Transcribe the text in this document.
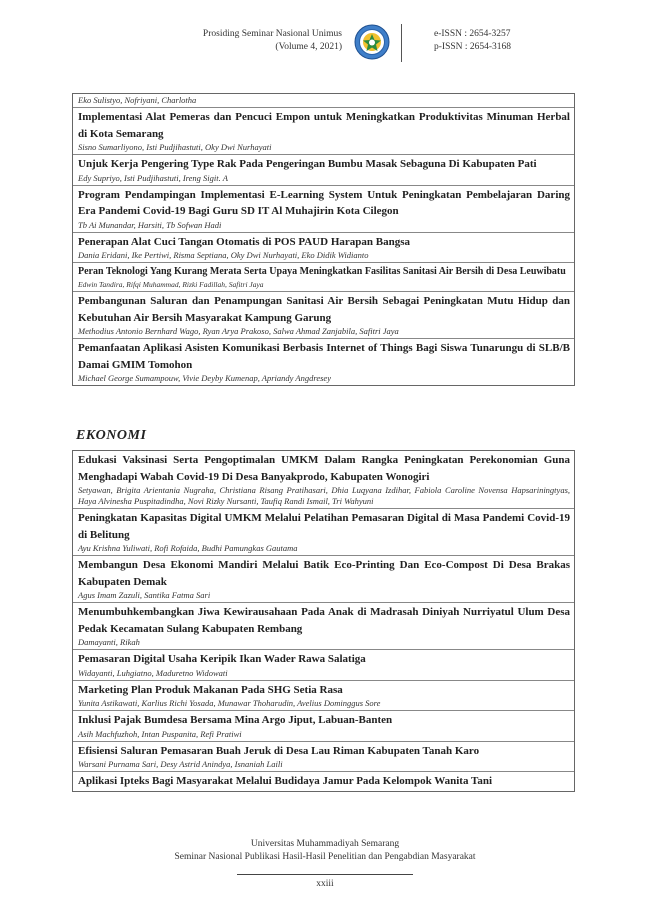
Prosiding Seminar Nasional Unimus
(Volume 4, 2021)
e-ISSN : 2654-3257
p-ISSN : 2654-3168
Eko Sulistyo, Nofriyani, Charlotha
Implementasi Alat Pemeras dan Pencuci Empon untuk Meningkatkan Produktivitas Minuman Herbal di Kota Semarang
Sisno Sumarliyono, Isti Pudjihastuti, Oky Dwi Nurhayati
Unjuk Kerja Pengering Type Rak Pada Pengeringan Bumbu Masak Sebaguna Di Kabupaten Pati
Edy Supriyo, Isti Pudjihastuti, Ireng Sigit. A
Program Pendampingan Implementasi E-Learning System Untuk Peningkatan Pembelajaran Daring Era Pandemi Covid-19 Bagi Guru SD IT Al Muhajirin Kota Cilegon
Tb Ai Munandar, Harsiti, Tb Sofwan Hadi
Penerapan Alat Cuci Tangan Otomatis di POS PAUD Harapan Bangsa
Dania Eridani, Ike Pertiwi, Risma Septiana, Oky Dwi Nurhayati, Eko Didik Widianto
Peran Teknologi Yang Kurang Merata Serta Upaya Meningkatkan Fasilitas Sanitasi Air Bersih di Desa Leuwibatu
Edwin Tandira, Rifqi Muhammad, Rizki Fadillah, Safitri Jaya
Pembangunan Saluran dan Penampungan Sanitasi Air Bersih Sebagai Peningkatan Mutu Hidup dan Kebutuhan Air Bersih Masyarakat Kampung Garung
Methodius Antonio Bernhard Wago, Ryan Arya Prakoso, Salwa Ahmad Zanjabila, Safitri Jaya
Pemanfaatan Aplikasi Asisten Komunikasi Berbasis Internet of Things Bagi Siswa Tunarungu di SLB/B Damai GMIM Tomohon
Michael George Sumampouw, Vivie Deyby Kumenap, Apriandy Angdresey
EKONOMI
Edukasi Vaksinasi Serta Pengoptimalan UMKM Dalam Rangka Peningkatan Perekonomian Guna Menghadapi Wabah Covid-19 Di Desa Banyakprodo, Kabupaten Wonogiri
Setyawan, Brigita Arientania Nugraha, Christiana Risang Pratihasari, Dhia Luqyana Izdihar, Fabiola Caroline Novensa Hapsariningtyas, Haya Alvinesha Puspitadindha, Novi Rizky Nursanti, Taufiq Randi Ismail, Tri Wahyuni
Peningkatan Kapasitas Digital UMKM Melalui Pelatihan Pemasaran Digital di Masa Pandemi Covid-19 di Belitung
Ayu Krishna Yuliwati, Rofi Rofaida, Budhi Pamungkas Gautama
Membangun Desa Ekonomi Mandiri Melalui Batik Eco-Printing Dan Eco-Compost Di Desa Brakas Kabupaten Demak
Agus Imam Zazuli, Santika Fatma Sari
Menumbuhkembangkan Jiwa Kewirausahaan Pada Anak di Madrasah Diniyah Nurriyatul Ulum Desa Pedak Kecamatan Sulang Kabupaten Rembang
Damayanti, Rikah
Pemasaran Digital Usaha Keripik Ikan Wader Rawa Salatiga
Widayanti, Luhgiatno, Maduretno Widowati
Marketing Plan Produk Makanan Pada SHG Setia Rasa
Yunita Astikawati, Karlius Richi Yosada, Munawar Thoharudin, Avelius Dominggus Sore
Inklusi Pajak Bumdesa Bersama Mina Argo Jiput, Labuan-Banten
Asih Machfuzhoh, Intan Puspanita, Refi Pratiwi
Efisiensi Saluran Pemasaran Buah Jeruk di Desa Lau Riman Kabupaten Tanah Karo
Warsani Purnama Sari, Desy Astrid Anindya, Isnaniah Laili
Aplikasi Ipteks Bagi Masyarakat Melalui Budidaya Jamur Pada Kelompok Wanita Tani
Universitas Muhammadiyah Semarang
Seminar Nasional Publikasi Hasil-Hasil Penelitian dan Pengabdian Masyarakat
xxiii
